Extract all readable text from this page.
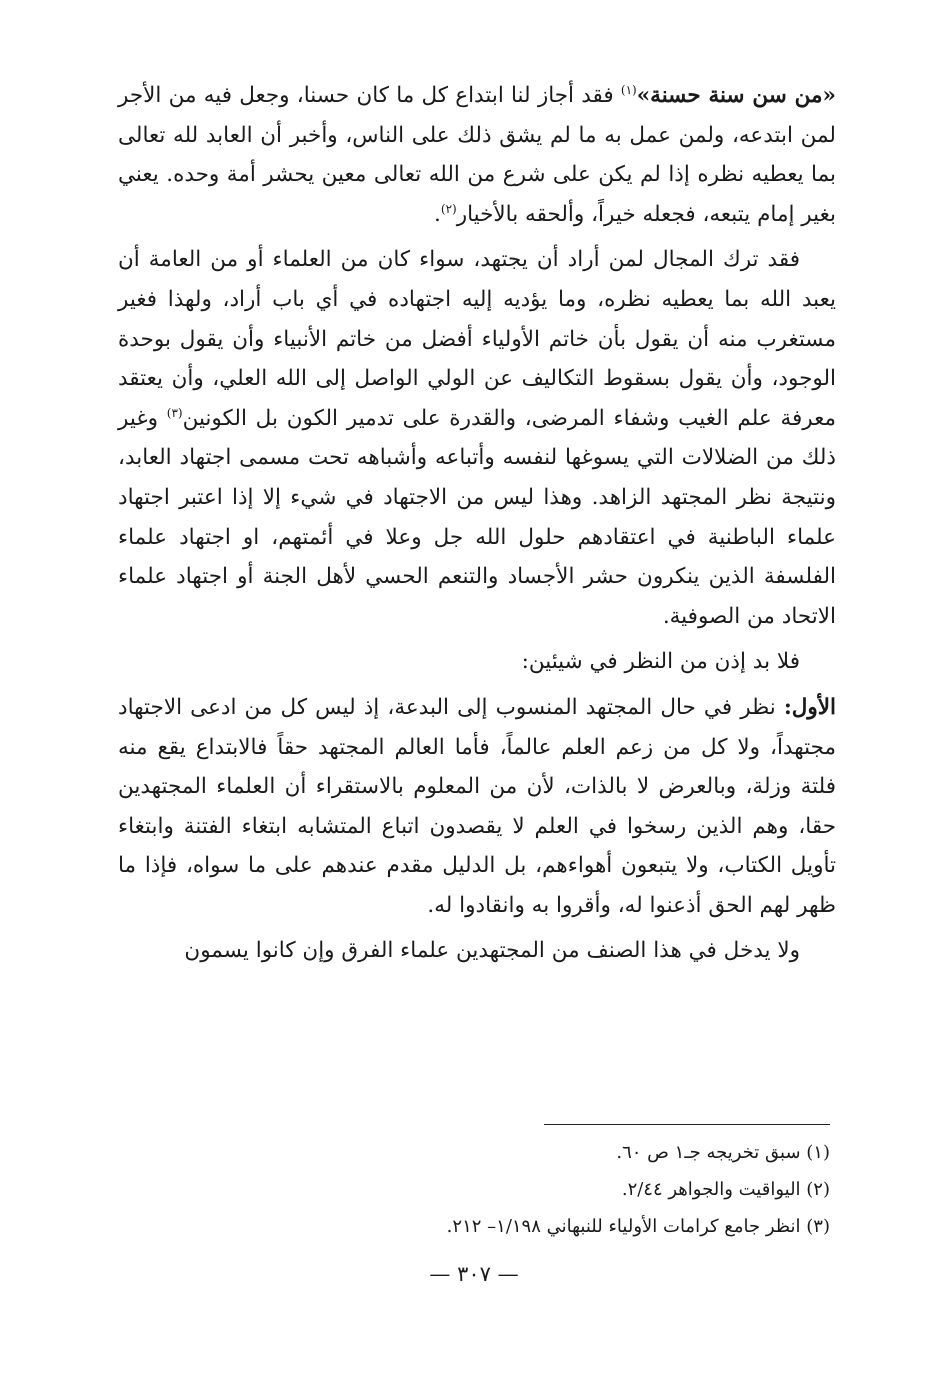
«من سن سنة حسنة»$^{(١)}$ فقد أجاز لنا ابتداع كل ما كان حسنا، وجعل فيه من الأجر لمن ابتدعه، ولمن عمل به ما لم يشق ذلك على الناس، وأخبر أن العابد لله تعالى بما يعطيه نظره إذا لم يكن على شرع من الله تعالى معين يحشر أمة وحده. يعني بغير إمام يتبعه، فجعله خيراً، وألحقه بالأخيار$^{(٢)}$.

فقد ترك المجال لمن أراد أن يجتهد، سواء كان من العلماء أو من العامة أن يعبد الله بما يعطيه نظره، وما يؤديه إليه اجتهاده في أي باب أراد، ولهذا فغير مستغرب منه أن يقول بأن خاتم الأولياء أفضل من خاتم الأنبياء وأن يقول بوحدة الوجود، وأن يقول بسقوط التكاليف عن الولي الواصل إلى الله العلي، وأن يعتقد معرفة علم الغيب وشفاء المرضى، والقدرة على تدمير الكون بل الكونين$^{(٣)}$ وغير ذلك من الضلالات التي يسوغها لنفسه وأتباعه وأشباهه تحت مسمى اجتهاد العابد، ونتيجة نظر المجتهد الزاهد. وهذا ليس من الاجتهاد في شيء إلا إذا اعتبر اجتهاد علماء الباطنية في اعتقادهم حلول الله جل وعلا في أئمتهم، او اجتهاد علماء الفلسفة الذين ينكرون حشر الأجساد والتنعم الحسي لأهل الجنة أو اجتهاد علماء الاتحاد من الصوفية.

فلا بد إذن من النظر في شيئين:

الأول: نظر في حال المجتهد المنسوب إلى البدعة، إذ ليس كل من ادعى الاجتهاد مجتهداً، ولا كل من زعم العلم عالماً، فأما العالم المجتهد حقاً فالابتداع يقع منه فلتة وزلة، وبالعرض لا بالذات، لأن من المعلوم بالاستقراء أن العلماء المجتهدين حقا، وهم الذين رسخوا في العلم لا يقصدون اتباع المتشابه ابتغاء الفتنة وابتغاء تأويل الكتاب، ولا يتبعون أهواءهم، بل الدليل مقدم عندهم على ما سواه، فإذا ما ظهر لهم الحق أذعنوا له، وأقروا به وانقادوا له.

ولا يدخل في هذا الصنف من المجتهدين علماء الفرق وإن كانوا يسمون

(١) سبق تخريجه جـ١ ص ٦٠.

(٢) اليواقيت والجواهر ٢/٤٤.

(٣) انظر جامع كرامات الأولياء للنبهاني ١/١٩٨– ٢١٢.

— ٣٠٧ —
